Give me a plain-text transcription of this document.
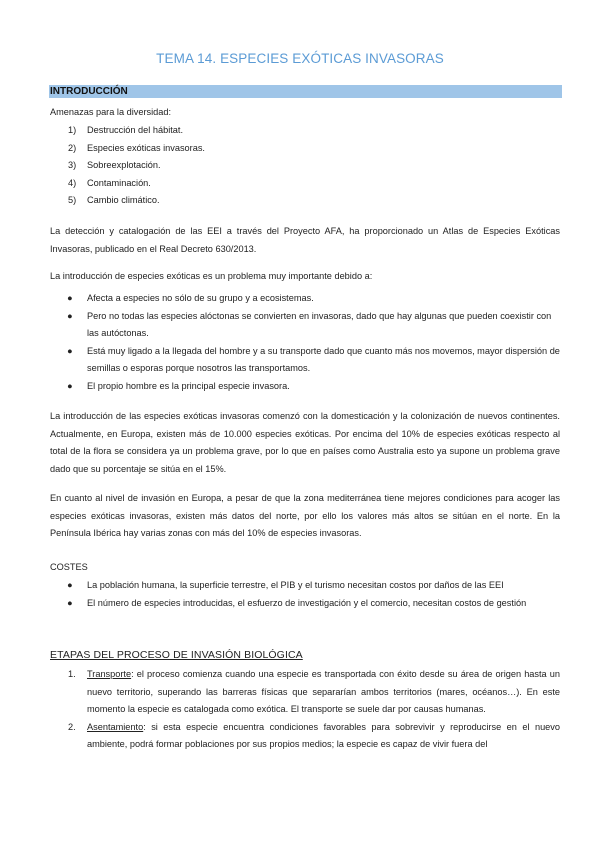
TEMA 14. ESPECIES EXÓTICAS INVASORAS
INTRODUCCIÓN

Amenazas para la diversidad:

1)	Destrucción del hábitat.
2)	Especies exóticas invasoras.
3)	Sobreexplotación.
4)	Contaminación.
5)	Cambio climático.

La detección y catalogación de las EEI a través del Proyecto AFA, ha proporcionado un Atlas de Especies Exóticas Invasoras, publicado en el Real Decreto 630/2013.

La introducción de especies exóticas es un problema muy importante debido a:

●	Afecta a especies no sólo de su grupo y a ecosistemas.
●	Pero no todas las especies alóctonas se convierten en invasoras, dado que hay algunas que pueden coexistir con las autóctonas.
●	Está muy ligado a la llegada del hombre y a su transporte dado que cuanto más nos movemos, mayor dispersión de semillas o esporas porque nosotros las transportamos.
●	El propio hombre es la principal especie invasora.

La introducción de las especies exóticas invasoras comenzó con la domesticación y la colonización de nuevos continentes. Actualmente, en Europa, existen más de 10.000 especies exóticas. Por encima del 10% de especies exóticas respecto al total de la flora se considera ya un problema grave, por lo que en países como Australia esto ya supone un problema grave dado que su porcentaje se sitúa en el 15%.

En cuanto al nivel de invasión en Europa, a pesar de que la zona mediterránea tiene mejores condiciones para acoger las especies exóticas invasoras, existen más datos del norte, por ello los valores más altos se sitúan en el norte. En la Península Ibérica hay varias zonas con más del 10% de especies invasoras.

COSTES

●	La población humana, la superficie terrestre, el PIB y el turismo necesitan costos por daños de las EEI
●	El número de especies introducidas, el esfuerzo de investigación y el comercio, necesitan costos de gestión
ETAPAS DEL PROCESO DE INVASIÓN BIOLÓGICA
1.	Transporte: el proceso comienza cuando una especie es transportada con éxito desde su área de origen hasta un nuevo territorio, superando las barreras físicas que separarían ambos territorios (mares, océanos…). En este momento la especie es catalogada como exótica. El transporte se suele dar por causas humanas.
2.	Asentamiento: si esta especie encuentra condiciones favorables para sobrevivir y reproducirse en el nuevo ambiente, podrá formar poblaciones por sus propios medios; la especie es capaz de vivir fuera del
